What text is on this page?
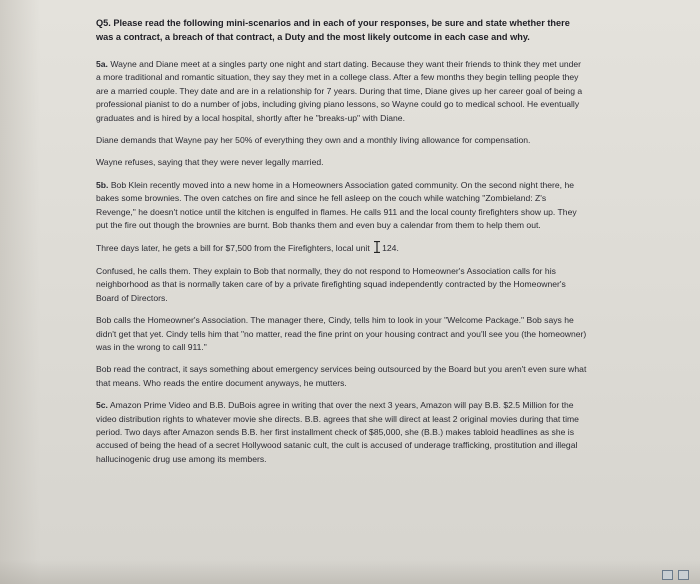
Q5. Please read the following mini-scenarios and in each of your responses, be sure and state whether there was a contract, a breach of that contract, a Duty and the most likely outcome in each case and why.

5a. Wayne and Diane meet at a singles party one night and start dating. Because they want their friends to think they met under a more traditional and romantic situation, they say they met in a college class. After a few months they begin telling people they are a married couple. They date and are in a relationship for 7 years. During that time, Diane gives up her career goal of being a professional pianist to do a number of jobs, including giving piano lessons, so Wayne could go to medical school. He eventually graduates and is hired by a local hospital, shortly after he "breaks-up" with Diane.

Diane demands that Wayne pay her 50% of everything they own and a monthly living allowance for compensation.

Wayne refuses, saying that they were never legally married.

5b. Bob Klein recently moved into a new home in a Homeowners Association gated community. On the second night there, he bakes some brownies. The oven catches on fire and since he fell asleep on the couch while watching "Zombieland: Z's Revenge," he doesn't notice until the kitchen is engulfed in flames. He calls 911 and the local county firefighters show up. They put the fire out though the brownies are burnt. Bob thanks them and even buy a calendar from them to help them out.

Three days later, he gets a bill for $7,500 from the Firefighters, local unit 124.

Confused, he calls them. They explain to Bob that normally, they do not respond to Homeowner's Association calls for his neighborhood as that is normally taken care of by a private firefighting squad independently contracted by the Homeowner's Board of Directors.

Bob calls the Homeowner's Association. The manager there, Cindy, tells him to look in your "Welcome Package." Bob says he didn't get that yet. Cindy tells him that "no matter, read the fine print on your housing contract and you'll see you (the homeowner) was in the wrong to call 911."

Bob read the contract, it says something about emergency services being outsourced by the Board but you aren't even sure what that means. Who reads the entire document anyways, he mutters.

5c. Amazon Prime Video and B.B. DuBois agree in writing that over the next 3 years, Amazon will pay B.B. $2.5 Million for the video distribution rights to whatever movie she directs. B.B. agrees that she will direct at least 2 original movies during that time period. Two days after Amazon sends B.B. her first installment check of $85,000, she (B.B.) makes tabloid headlines as she is accused of being the head of a secret Hollywood satanic cult, the cult is accused of underage trafficking, prostitution and illegal hallucinogenic drug use among its members.
